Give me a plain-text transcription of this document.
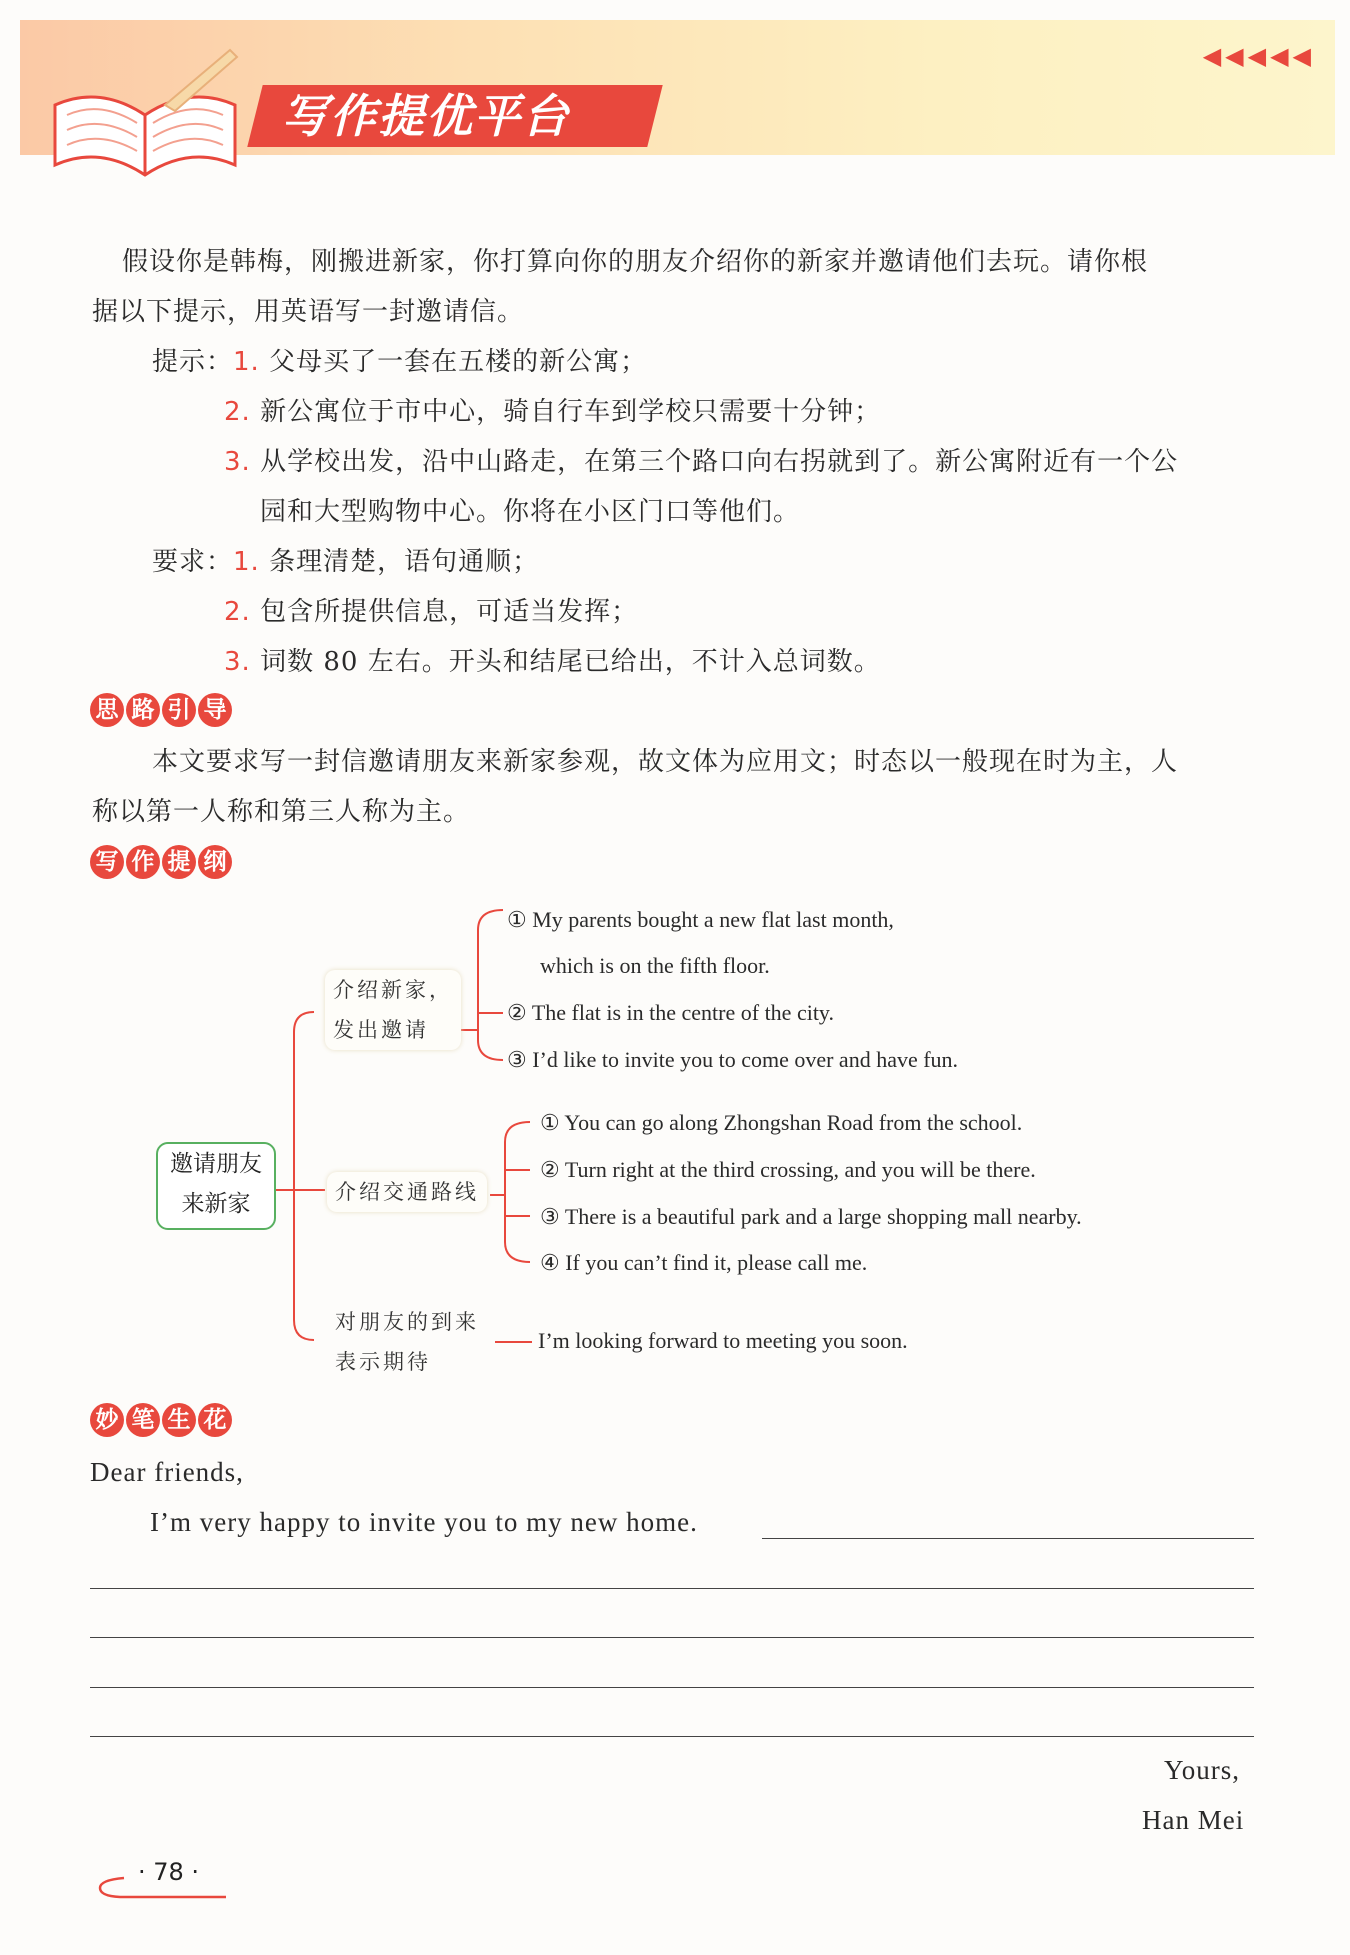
◀◀◀◀◀
写作提优平台
假设你是韩梅，刚搬进新家，你打算向你的朋友介绍你的新家并邀请他们去玩。请你根
据以下提示，用英语写一封邀请信。
提示：1. 父母买了一套在五楼的新公寓；
2. 新公寓位于市中心，骑自行车到学校只需要十分钟；
3. 从学校出发，沿中山路走，在第三个路口向右拐就到了。新公寓附近有一个公
园和大型购物中心。你将在小区门口等他们。
要求：1. 条理清楚，语句通顺；
2. 包含所提供信息，可适当发挥；
3. 词数 80 左右。开头和结尾已给出，不计入总词数。
思 路 引 导
本文要求写一封信邀请朋友来新家参观，故文体为应用文；时态以一般现在时为主，人
称以第一人称和第三人称为主。
写 作 提 纲
邀请朋友
来新家
介绍新家，
发出邀请
介绍交通路线
对朋友的到来
表示期待
① My parents bought a new flat last month,
which is on the fifth floor.
② The flat is in the centre of the city.
③ I’d like to invite you to come over and have fun.
① You can go along Zhongshan Road from the school.
② Turn right at the third crossing, and you will be there.
③ There is a beautiful park and a large shopping mall nearby.
④ If you can’t find it, please call me.
I’m looking forward to meeting you soon.
妙 笔 生 花
Dear friends,
I’m very happy to invite you to my new home.
Yours,
Han Mei
· 78 ·
